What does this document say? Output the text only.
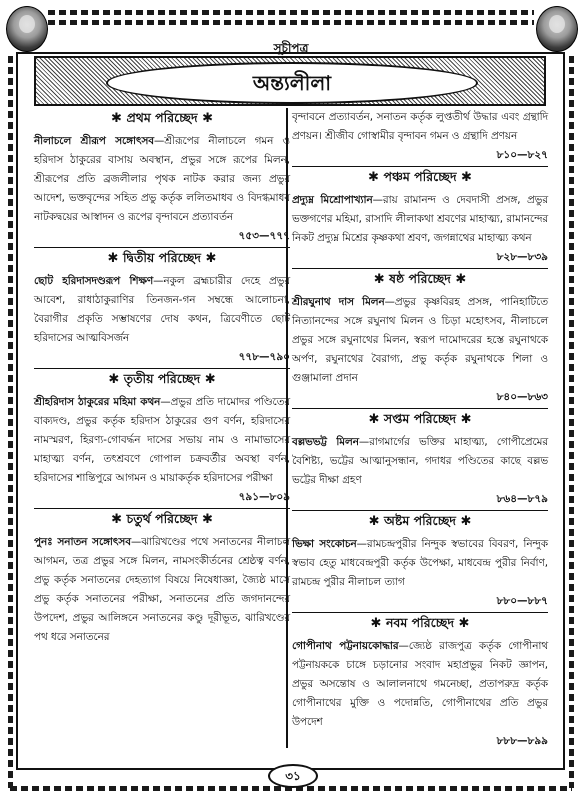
সূচীপত্র
অন্ত্যলীলা
✱ প্রথম পরিচ্ছেদ ✱
নীলাচলে শ্রীরূপ সঙ্গোৎসব—শ্রীরূপের নীলাচলে গমন ও হরিদাস ঠাকুরের বাসায় অবস্থান, প্রভুর সঙ্গে রূপের মিলন, শ্রীরূপের প্রতি ব্রজলীলার পৃথক নাটক করার জন্য প্রভুর আদেশ, ভক্তবৃন্দের সহিত প্রভু কর্তৃক ললিতমাধব ও বিদগ্ধমাধব নাটকদ্বয়ের আস্বাদন ও রূপের বৃন্দাবনে প্রত্যাবর্তন
৭৫৩—৭৭৭
✱ দ্বিতীয় পরিচ্ছেদ ✱
ছোট হরিদাসদণ্ডরূপ শিক্ষণ—নকুল ব্রহ্মচারীর দেহে প্রভুর আবেশ, রাধাঠাকুরাণির তিনজন-গন সম্বন্ধে আলোচনা, বৈরাগীর প্রকৃতি সম্ভাষণের দোষ কথন, ত্রিবেণীতে ছোট হরিদাসের আত্মবিসর্জন
৭৭৮—৭৯০
✱ তৃতীয় পরিচ্ছেদ ✱
শ্রীহরিদাস ঠাকুরের মহিমা কথন—প্রভুর প্রতি দামোদর পণ্ডিতের বাক্যদণ্ড, প্রভুর কর্তৃক হরিদাস ঠাকুরের গুণ বর্ণন, হরিদাসের নামস্মরণ, হিরণ্য-গোবর্দ্ধন দাসের সভায় নাম ও নামাভাসের মাহাত্ম্য বর্ণন, তৎশ্রবণে গোপাল চক্রবর্তীর অবস্থা বর্ণন, হরিদাসের শান্তিপুরে আগমন ও মায়াকর্তৃক হরিদাসের পরীক্ষা
৭৯১—৮০৯
✱ চতুর্থ পরিচ্ছেদ ✱
পুনঃ সনাতন সঙ্গোৎসব—ঝারিখণ্ডের পথে সনাতনের নীলাচল আগমন, তত্র প্রভুর সঙ্গে মিলন, নামসংকীর্তনের শ্রেষ্ঠত্ব বর্ণন, প্রভু কর্তৃক সনাতনের দেহত্যাগ বিষয়ে নিষেধাজ্ঞা, জ্যৈষ্ঠ মাসে প্রভু কর্তৃক সনাতনের পরীক্ষা, সনাতনের প্রতি জগদানন্দের উপদেশ, প্রভুর আলিঙ্গনে সনাতনের কণ্ডু দূরীভূত, ঝারিখণ্ডের পথ ধরে সনাতনের
বৃন্দাবনে প্রত্যাবর্তন, সনাতন কর্তৃক লুপ্ততীর্থ উদ্ধার এবং গ্রন্থাদি প্রণয়ন। শ্রীজীব গোস্বামীর বৃন্দাবন গমন ও গ্রন্থাদি প্রণয়ন
৮১০—৮২৭
✱ পঞ্চম পরিচ্ছেদ ✱
প্রদ্যুম্ন মিশ্রোপাখ্যান—রায় রামানন্দ ও দেবদাসী প্রসঙ্গ, প্রভুর ভক্তগণের মহিমা, রাসাদি লীলাকথা শ্রবণের মাহাত্ম্য, রামানন্দের নিকট প্রদ্যুম্ন মিশ্রের কৃষ্ণকথা শ্রবণ, জগন্নাথের মাহাত্ম্য কথন
৮২৮—৮৩৯
✱ ষষ্ঠ পরিচ্ছেদ ✱
শ্রীরঘুনাথ দাস মিলন—প্রভুর কৃষ্ণবিরহ প্রসঙ্গ, পানিহাটিতে নিত্যানন্দের সঙ্গে রঘুনাথ মিলন ও চিড়া মহোৎসব, নীলাচলে প্রভুর সঙ্গে রঘুনাথের মিলন, স্বরূপ দামোদরের হস্তে রঘুনাথকে অর্পণ, রঘুনাথের বৈরাগ্য, প্রভু কর্তৃক রঘুনাথকে শিলা ও গুঞ্জামালা প্রদান
৮৪০—৮৬৩
✱ সপ্তম পরিচ্ছেদ ✱
বল্লভভট্ট মিলন—রাগমার্গের ভক্তির মাহাত্ম্য, গোপীপ্রেমের বৈশিষ্ট্য, ভট্টের আত্মানুসন্ধান, গদাধর পণ্ডিতের কাছে বল্লভ ভট্টের দীক্ষা গ্রহণ
৮৬৪—৮৭৯
✱ অষ্টম পরিচ্ছেদ ✱
ভিক্ষা সংকোচন—রামচন্দ্রপুরীর নিন্দুক স্বভাবের বিবরণ, নিন্দুক স্বভাব হেতু মাধবেন্দ্রপুরী কর্তৃক উপেক্ষা, মাধবেন্দ্র পুরীর নির্বাণ, রামচন্দ্র পুরীর নীলাচল ত্যাগ
৮৮০—৮৮৭
✱ নবম পরিচ্ছেদ ✱
গোপীনাথ পট্টনায়কোদ্ধার—জ্যেষ্ঠ রাজপুত্র কর্তৃক গোপীনাথ পট্টনায়ককে চাঙ্গে চড়ানোর সংবাদ মহাপ্রভুর নিকট জ্ঞাপন, প্রভুর অসন্তোষ ও আলালনাথে গমনেচ্ছা, প্রতাপরুদ্র কর্তৃক গোপীনাথের মুক্তি ও পদোন্নতি, গোপীনাথের প্রতি প্রভুর উপদেশ
৮৮৮—৮৯৯
৩১
